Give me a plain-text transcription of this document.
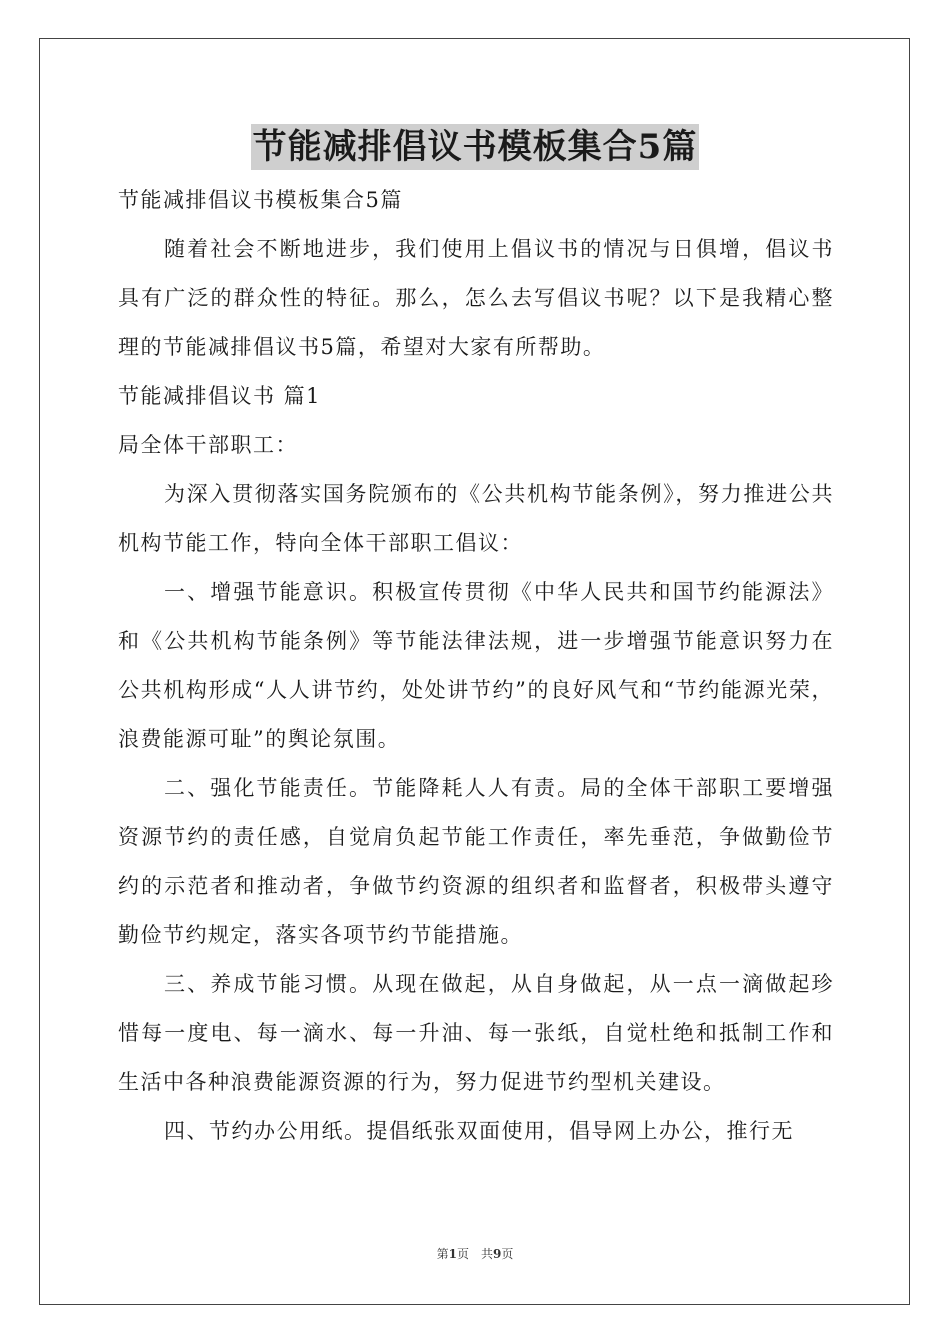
节能减排倡议书模板集合5篇

节能减排倡议书模板集合5篇

随着社会不断地进步，我们使用上倡议书的情况与日俱增，倡议书具有广泛的群众性的特征。那么，怎么去写倡议书呢？以下是我精心整理的节能减排倡议书5篇，希望对大家有所帮助。

节能减排倡议书 篇1

局全体干部职工：

为深入贯彻落实国务院颁布的《公共机构节能条例》，努力推进公共机构节能工作，特向全体干部职工倡议：

一、增强节能意识。积极宣传贯彻《中华人民共和国节约能源法》和《公共机构节能条例》等节能法律法规，进一步增强节能意识努力在公共机构形成“人人讲节约，处处讲节约”的良好风气和“节约能源光荣，浪费能源可耻”的舆论氛围。

二、强化节能责任。节能降耗人人有责。局的全体干部职工要增强资源节约的责任感，自觉肩负起节能工作责任，率先垂范，争做勤俭节约的示范者和推动者，争做节约资源的组织者和监督者，积极带头遵守勤俭节约规定，落实各项节约节能措施。

三、养成节能习惯。从现在做起，从自身做起，从一点一滴做起珍惜每一度电、每一滴水、每一升油、每一张纸，自觉杜绝和抵制工作和生活中各种浪费能源资源的行为，努力促进节约型机关建设。

四、节约办公用纸。提倡纸张双面使用，倡导网上办公，推行无

第1页　共9页
